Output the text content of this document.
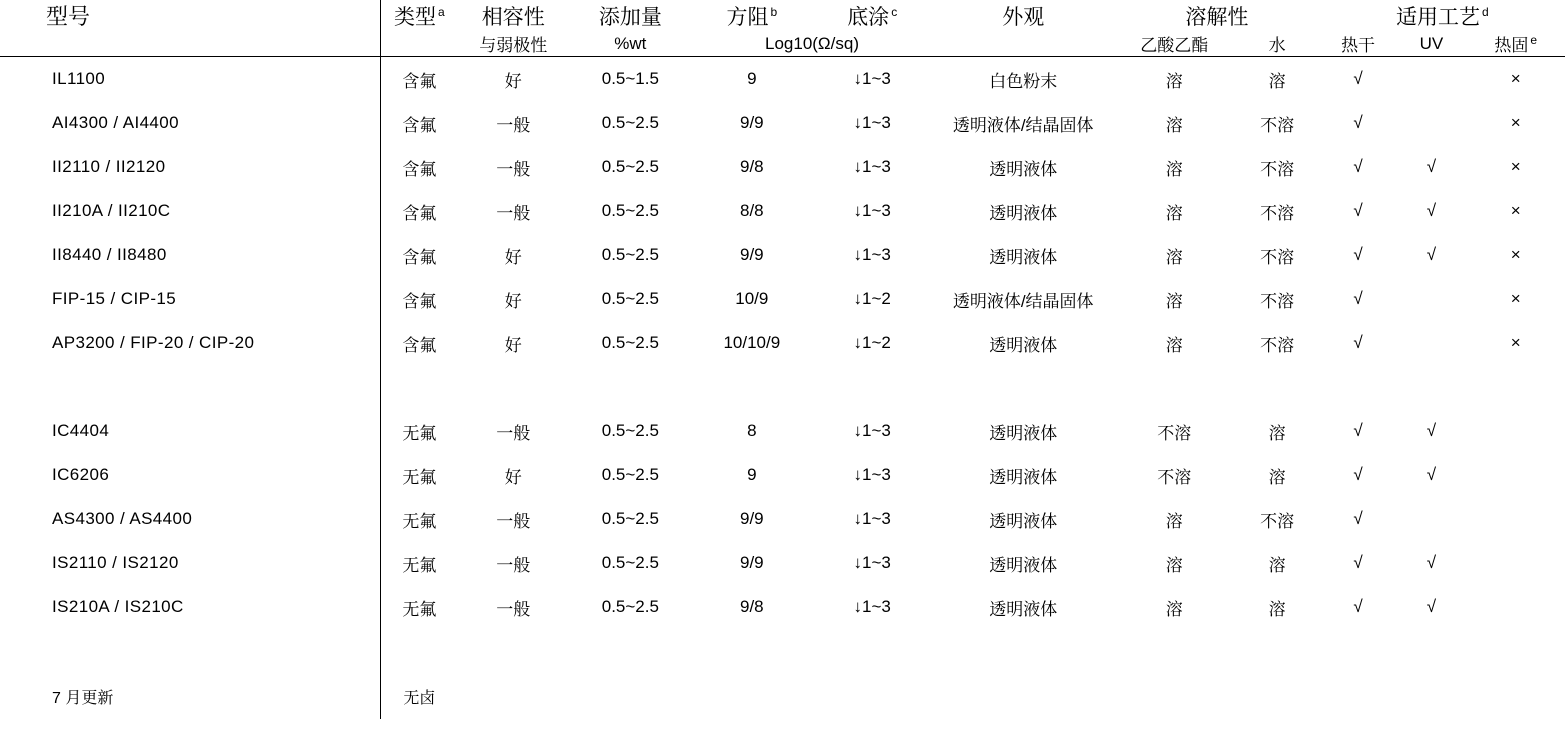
型号	类型 $^a$	相容性	添加量	方阻 $^b$	底涂 $^c$	外观	溶解性		适用工艺 $^d$
		与弱极性	%wt	Log10(Ω/sq)			乙酸乙酯	水	热干	UV	热固 $^e$
IL1100	含氟	好	0.5~1.5	9	↓1~3	白色粉末	溶	溶	√		×
AI4300 / AI4400	含氟	一般	0.5~2.5	9/9	↓1~3	透明液体/结晶固体	溶	不溶	√		×
II2110 / II2120	含氟	一般	0.5~2.5	9/8	↓1~3	透明液体	溶	不溶	√	√	×
II210A / II210C	含氟	一般	0.5~2.5	8/8	↓1~3	透明液体	溶	不溶	√	√	×
II8440 / II8480	含氟	好	0.5~2.5	9/9	↓1~3	透明液体	溶	不溶	√	√	×
FIP-15 / CIP-15	含氟	好	0.5~2.5	10/9	↓1~2	透明液体/结晶固体	溶	不溶	√		×
AP3200 / FIP-20 / CIP-20	含氟	好	0.5~2.5	10/10/9	↓1~2	透明液体	溶	不溶	√		×

IC4404	无氟	一般	0.5~2.5	8	↓1~3	透明液体	不溶	溶	√	√	
IC6206	无氟	好	0.5~2.5	9	↓1~3	透明液体	不溶	溶	√	√	
AS4300 / AS4400	无氟	一般	0.5~2.5	9/9	↓1~3	透明液体	溶	不溶	√		
IS2110 / IS2120	无氟	一般	0.5~2.5	9/9	↓1~3	透明液体	溶	溶	√	√	
IS210A / IS210C	无氟	一般	0.5~2.5	9/8	↓1~3	透明液体	溶	溶	√	√	

7 月更新	无卤										
